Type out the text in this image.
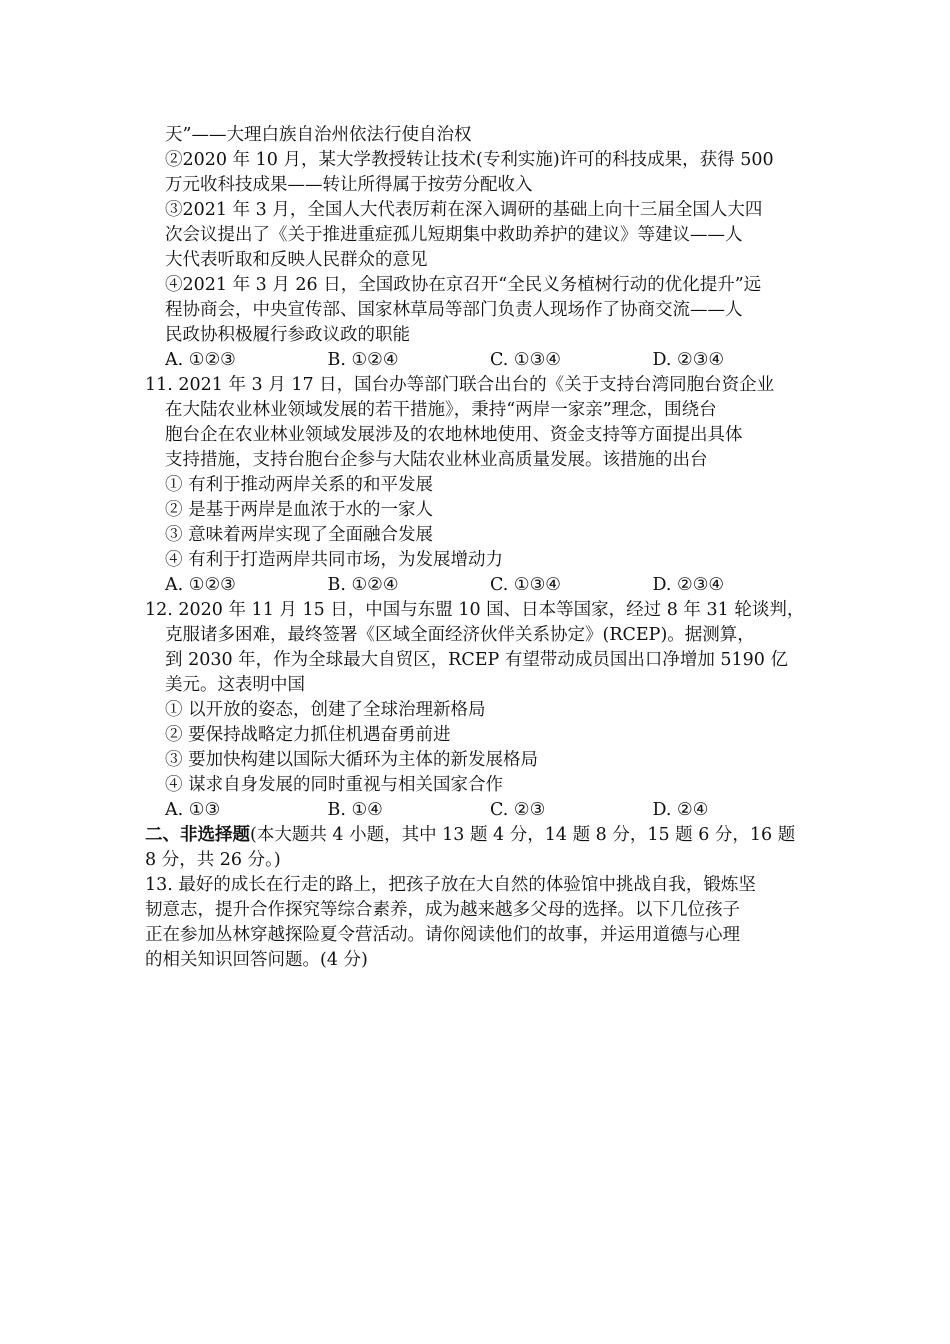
天”——大理白族自治州依法行使自治权
②2020 年 10 月，某大学教授转让技术(专利实施)许可的科技成果，获得 500
万元收科技成果——转让所得属于按劳分配收入
③2021 年 3 月，全国人大代表厉莉在深入调研的基础上向十三届全国人大四
次会议提出了《关于推进重症孤儿短期集中救助养护的建议》等建议——人
大代表听取和反映人民群众的意见
④2021 年 3 月 26 日，全国政协在京召开“全民义务植树行动的优化提升”远
程协商会，中央宣传部、国家林草局等部门负责人现场作了协商交流——人
民政协积极履行参政议政的职能
A. ①②③	B. ①②④	C. ①③④	D. ②③④
11. 2021 年 3 月 17 日，国台办等部门联合出台的《关于支持台湾同胞台资企业
在大陆农业林业领域发展的若干措施》，秉持“两岸一家亲”理念，围绕台
胞台企在农业林业领域发展涉及的农地林地使用、资金支持等方面提出具体
支持措施，支持台胞台企参与大陆农业林业高质量发展。该措施的出台
① 有利于推动两岸关系的和平发展
② 是基于两岸是血浓于水的一家人
③ 意味着两岸实现了全面融合发展
④ 有利于打造两岸共同市场，为发展增动力
A. ①②③	B. ①②④	C. ①③④	D. ②③④
12. 2020 年 11 月 15 日，中国与东盟 10 国、日本等国家，经过 8 年 31 轮谈判，
克服诸多困难，最终签署《区域全面经济伙伴关系协定》(RCEP)。据测算，
到 2030 年，作为全球最大自贸区，RCEP 有望带动成员国出口净增加 5190 亿
美元。这表明中国
① 以开放的姿态，创建了全球治理新格局
② 要保持战略定力抓住机遇奋勇前进
③ 要加快构建以国际大循环为主体的新发展格局
④ 谋求自身发展的同时重视与相关国家合作
A. ①③	B. ①④	C. ②③	D. ②④
二、非选择题(本大题共 4 小题，其中 13 题 4 分，14 题 8 分，15 题 6 分，16 题
8 分，共 26 分。)
13. 最好的成长在行走的路上，把孩子放在大自然的体验馆中挑战自我，锻炼坚
韧意志，提升合作探究等综合素养，成为越来越多父母的选择。以下几位孩子
正在参加丛林穿越探险夏令营活动。请你阅读他们的故事，并运用道德与心理
的相关知识回答问题。(4 分)
